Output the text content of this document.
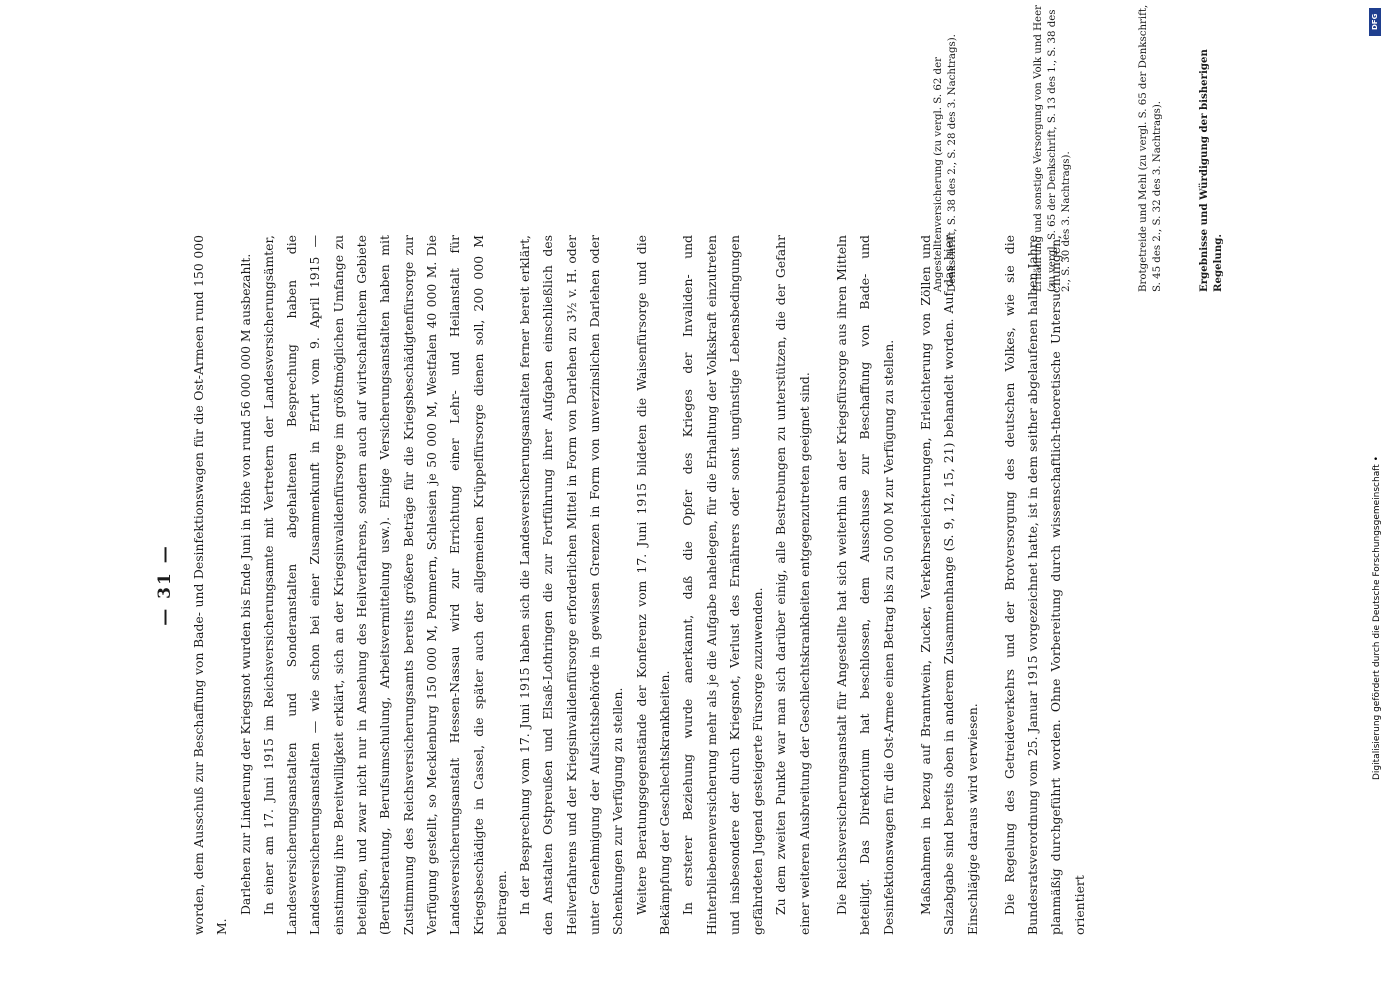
— 31 —	worden, dem Ausschuß zur Beschaffung von Bade- und Desinfektionswagen für die Ost-Armeen rund 150 000 M.

Darlehen zur Linderung der Kriegsnot wurden bis Ende Juni in Höhe von rund 56 000 000 M ausbezahlt. In einer am 17. Juni 1915 im Reichsversicherungsamte mit Vertretern der Landesversicherungsämter, Landesversicherungsanstalten und Sonderanstalten abgehaltenen Besprechung haben die Landesversicherungsanstalten — wie schon bei einer Zusammenkunft in Erfurt vom 9. April 1915 — einstimmig ihre Bereitwilligkeit erklärt, sich an der Kriegsinvalidenfürsorge im größtmöglichen Umfange zu beteiligen, und zwar nicht nur in Ansehung des Heilverfahrens, sondern auch auf wirtschaftlichem Gebiete (Berufsberatung, Berufsumschulung, Arbeitsvermittelung usw.). Einige Versicherungsanstalten haben mit Zustimmung des Reichsversicherungsamts bereits größere Beträge für die Kriegsbeschädigtenfürsorge zur Verfügung gestellt, so Mecklenburg 150 000 M, Pommern, Schlesien je 50 000 M, Westfalen 40 000 M. Die Landesversicherungsanstalt Hessen-Nassau wird zur Errichtung einer Lehr- und Heilanstalt für Kriegsbeschädigte in Cassel, die später auch der allgemeinen Krüppelfürsorge dienen soll, 200 000 M beitragen. In der Besprechung vom 17. Juni 1915 haben sich die Landesversicherungsanstalten ferner bereit erklärt, den Anstalten Ostpreußen und Elsaß-Lothringen die zur Fortführung ihrer Aufgaben einschließlich des Heilverfahrens und der Kriegsinvalidenfürsorge erforderlichen Mittel in Form von Darlehen zu 3½ v. H. oder unter Genehmigung der Aufsichtsbehörde in gewissen Grenzen in Form von unverzinslichen Darlehen oder Schenkungen zur Verfügung zu stellen. Weitere Beratungsgegenstände der Konferenz vom 17. Juni 1915 bildeten die Waisenfürsorge und die Bekämpfung der Geschlechtskrankheiten. In ersterer Beziehung wurde anerkannt, daß die Opfer des Krieges der Invaliden- und Hinterbliebenenversicherung mehr als je die Aufgabe nahelegen, für die Erhaltung der Volkskraft einzutreten und insbesondere der durch Kriegsnot, Verlust des Ernährers oder sonst ungünstige Lebensbedingungen gefährdeten Jugend gesteigerte Fürsorge zuzuwenden. Zu dem zweiten Punkte war man sich darüber einig, alle Bestrebungen zu unterstützen, die der Gefahr einer weiteren Ausbreitung der Geschlechtskrankheiten entgegenzutreten geeignet sind.	Die Reichsversicherungsanstalt für Angestellte hat sich weiterhin an der Kriegsfürsorge aus ihren Mitteln beteiligt. Das Direktorium hat beschlossen, dem Ausschusse zur Beschaffung von Bade- und Desinfektionswagen für die Ost-Armee einen Betrag bis zu 50 000 M zur Verfügung zu stellen.	Maßnahmen in bezug auf Branntwein, Zucker, Verkehrserleichterungen, Erleichterung von Zöllen und Salzabgabe sind bereits oben in anderem Zusammenhange (S. 9, 12, 15, 21) behandelt worden. Auf das hier Einschlägige daraus wird verwiesen.	Die Regelung des Getreideverkehrs und der Brotversorgung des deutschen Volkes, wie sie die Bundesratsverordnung vom 25. Januar 1915 vorgezeichnet hatte, ist in dem seither abgelaufenen halben Jahre planmäßig durchgeführt worden. Ohne Vorbereitung durch wissenschaftlich-theoretische Untersuchungen, orientiert

Angestelltenversicherung (zu vergl. S. 62 der Denkschrift, S. 38 des 2., S. 28 des 3. Nachtrags).	Ernährung und sonstige Versorgung von Volk und Heer (zu vergl. S. 65 der Denkschrift, S. 13 des 1., S. 38 des 2., S. 30 des 3. Nachtrags).	Brotgetreide und Mehl (zu vergl. S. 65 der Denkschrift, S. 45 des 2., S. 32 des 3. Nachtrags).	Ergebnisse und Würdigung der bisherigen Regelung.
DFG
Digitalisierung gefördert durch die Deutsche Forschungsgemeinschaft •
